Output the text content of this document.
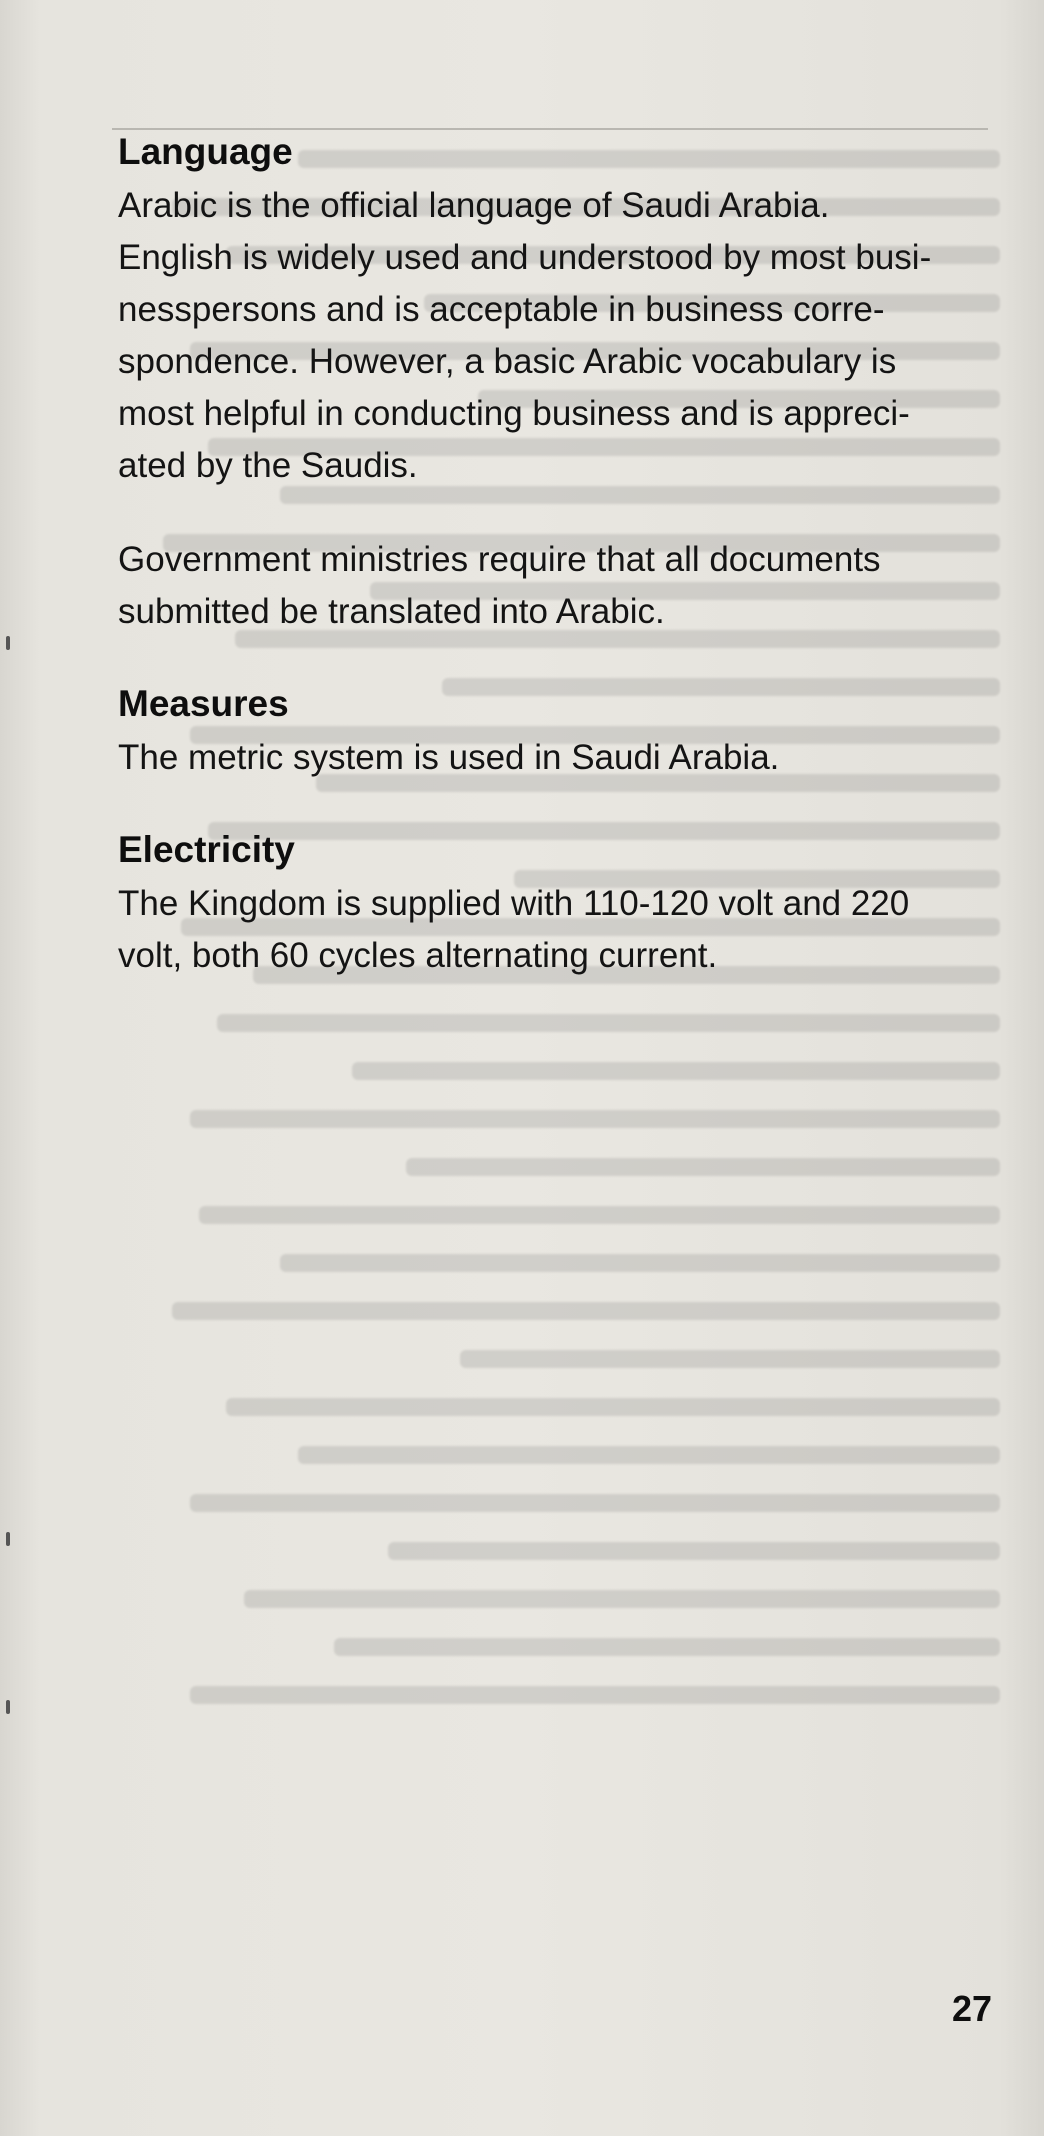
Language

Arabic is the official language of Saudi Arabia.
English is widely used and understood by most busi-
nesspersons and is acceptable in business corre-
spondence. However, a basic Arabic vocabulary is
most helpful in conducting business and is appreci-
ated by the Saudis.

Government ministries require that all documents
submitted be translated into Arabic.

Measures

The metric system is used in Saudi Arabia.

Electricity

The Kingdom is supplied with 110-120 volt and 220
volt, both 60 cycles alternating current.

27
